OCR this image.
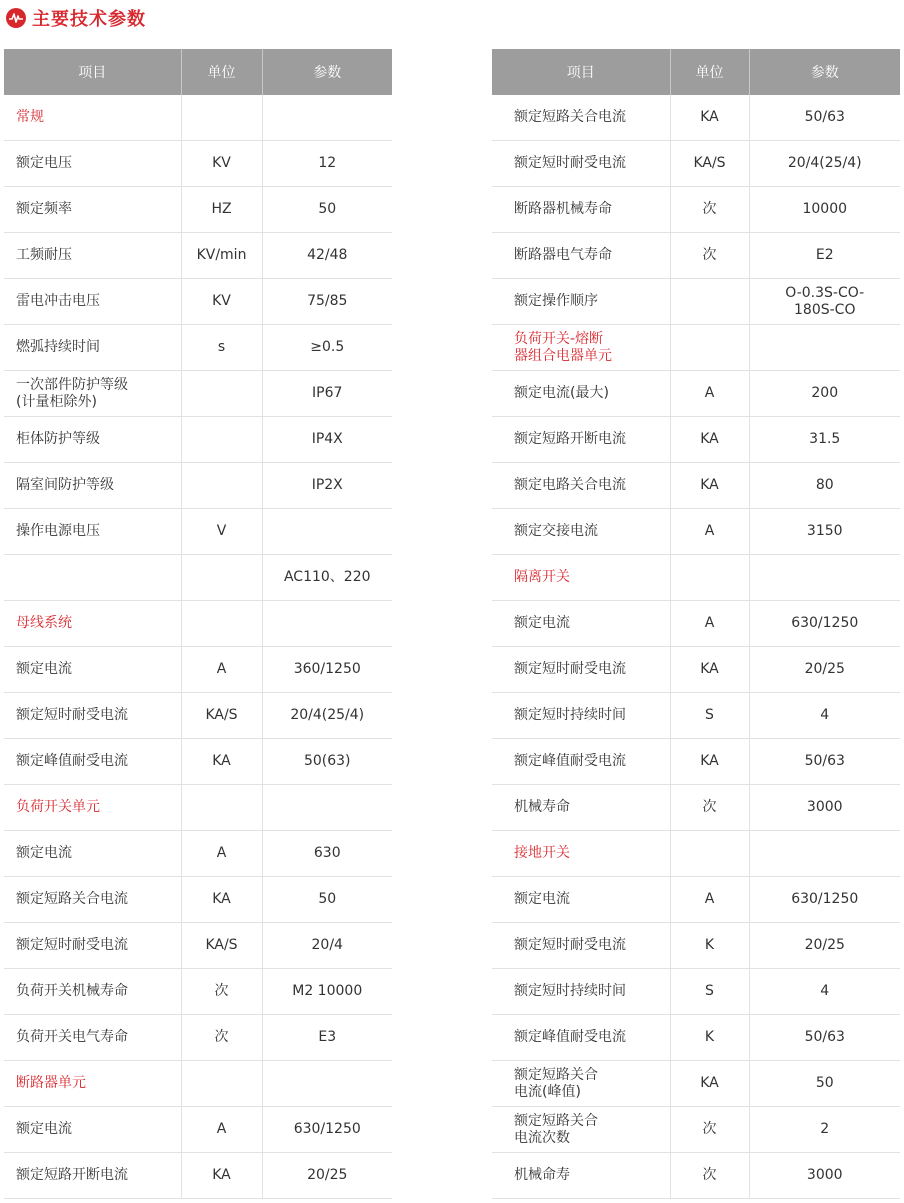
主要技术参数
项目	单位	参数
常规		
额定电压	KV	12
额定频率	HZ	50
工频耐压	KV/min	42/48
雷电冲击电压	KV	75/85
燃弧持续时间	s	≥0.5
一次部件防护等级
(计量柜除外)		IP67
柜体防护等级		IP4X
隔室间防护等级		IP2X
操作电源电压	V	
		AC110、220
母线系统		
额定电流	A	360/1250
额定短时耐受电流	KA/S	20/4(25/4)
额定峰值耐受电流	KA	50(63)
负荷开关单元		
额定电流	A	630
额定短路关合电流	KA	50
额定短时耐受电流	KA/S	20/4
负荷开关机械寿命	次	M2 10000
负荷开关电气寿命	次	E3
断路器单元		
额定电流	A	630/1250
额定短路开断电流	KA	20/25
项目	单位	参数
额定短路关合电流	KA	50/63
额定短时耐受电流	KA/S	20/4(25/4)
断路器机械寿命	次	10000
断路器电气寿命	次	E2
额定操作顺序		O-0.3S-CO-
180S-CO
负荷开关-熔断
器组合电器单元		
额定电流(最大)	A	200
额定短路开断电流	KA	31.5
额定电路关合电流	KA	80
额定交接电流	A	3150
隔离开关		
额定电流	A	630/1250
额定短时耐受电流	KA	20/25
额定短时持续时间	S	4
额定峰值耐受电流	KA	50/63
机械寿命	次	3000
接地开关		
额定电流	A	630/1250
额定短时耐受电流	K	20/25
额定短时持续时间	S	4
额定峰值耐受电流	K	50/63
额定短路关合
电流(峰值)	KA	50
额定短路关合
电流次数	次	2
机械命寿	次	3000
